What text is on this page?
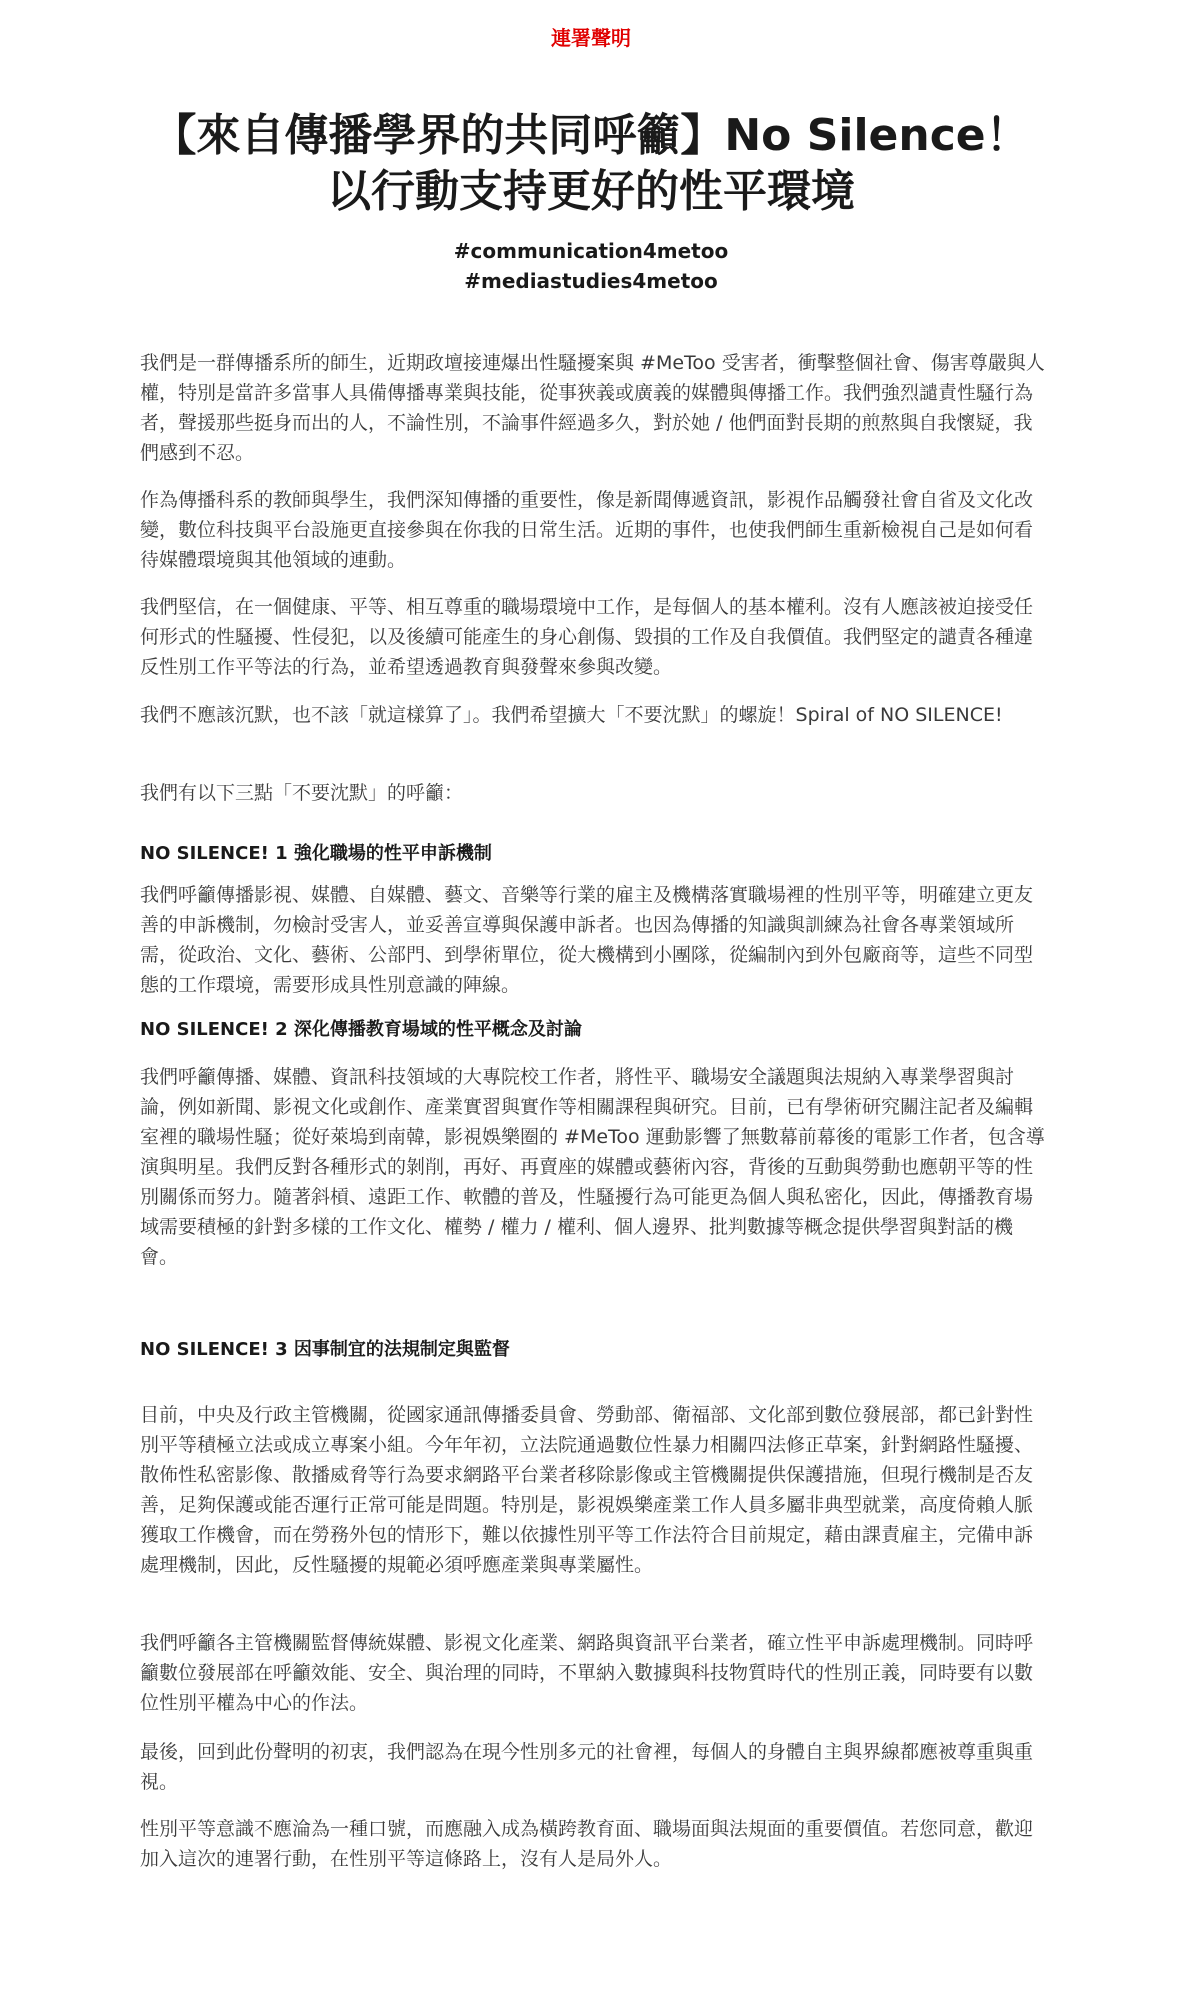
連署聲明
【來自傳播學界的共同呼籲】No Silence！
以行動支持更好的性平環境
#communication4metoo
#mediastudies4metoo

我們是一群傳播系所的師生，近期政壇接連爆出性騷擾案與 #MeToo 受害者，衝擊整個社會、傷害尊嚴與人權，特別是當許多當事人具備傳播專業與技能，從事狹義或廣義的媒體與傳播工作。我們強烈譴責性騷行為者，聲援那些挺身而出的人，不論性別，不論事件經過多久，對於她 / 他們面對長期的煎熬與自我懷疑，我們感到不忍。

作為傳播科系的教師與學生，我們深知傳播的重要性，像是新聞傳遞資訊，影視作品觸發社會自省及文化改變，數位科技與平台設施更直接參與在你我的日常生活。近期的事件，也使我們師生重新檢視自己是如何看待媒體環境與其他領域的連動。

我們堅信，在一個健康、平等、相互尊重的職場環境中工作，是每個人的基本權利。沒有人應該被迫接受任何形式的性騷擾、性侵犯，以及後續可能產生的身心創傷、毀損的工作及自我價值。我們堅定的譴責各種違反性別工作平等法的行為，並希望透過教育與發聲來參與改變。

我們不應該沉默，也不該「就這樣算了」。我們希望擴大「不要沈默」的螺旋！Spiral of NO SILENCE!

我們有以下三點「不要沈默」的呼籲：

NO SILENCE! 1 強化職場的性平申訴機制

我們呼籲傳播影視、媒體、自媒體、藝文、音樂等行業的雇主及機構落實職場裡的性別平等，明確建立更友善的申訴機制，勿檢討受害人，並妥善宣導與保護申訴者。也因為傳播的知識與訓練為社會各專業領域所需，從政治、文化、藝術、公部門、到學術單位，從大機構到小團隊，從編制內到外包廠商等，這些不同型態的工作環境，需要形成具性別意識的陣線。

NO SILENCE! 2 深化傳播教育場域的性平概念及討論

我們呼籲傳播、媒體、資訊科技領域的大專院校工作者，將性平、職場安全議題與法規納入專業學習與討論，例如新聞、影視文化或創作、產業實習與實作等相關課程與研究。目前，已有學術研究關注記者及編輯室裡的職場性騷；從好萊塢到南韓，影視娛樂圈的 #MeToo 運動影響了無數幕前幕後的電影工作者，包含導演與明星。我們反對各種形式的剝削，再好、再賣座的媒體或藝術內容，背後的互動與勞動也應朝平等的性別關係而努力。隨著斜槓、遠距工作、軟體的普及，性騷擾行為可能更為個人與私密化，因此，傳播教育場域需要積極的針對多樣的工作文化、權勢 / 權力 / 權利、個人邊界、批判數據等概念提供學習與對話的機會。

NO SILENCE! 3 因事制宜的法規制定與監督

目前，中央及行政主管機關，從國家通訊傳播委員會、勞動部、衛福部、文化部到數位發展部，都已針對性別平等積極立法或成立專案小組。今年年初，立法院通過數位性暴力相關四法修正草案，針對網路性騷擾、散佈性私密影像、散播威脅等行為要求網路平台業者移除影像或主管機關提供保護措施，但現行機制是否友善，足夠保護或能否運行正常可能是問題。特別是，影視娛樂產業工作人員多屬非典型就業，高度倚賴人脈獲取工作機會，而在勞務外包的情形下，難以依據性別平等工作法符合目前規定，藉由課責雇主，完備申訴處理機制，因此，反性騷擾的規範必須呼應產業與專業屬性。

我們呼籲各主管機關監督傳統媒體、影視文化產業、網路與資訊平台業者，確立性平申訴處理機制。同時呼籲數位發展部在呼籲效能、安全、與治理的同時，不單納入數據與科技物質時代的性別正義，同時要有以數位性別平權為中心的作法。

最後，回到此份聲明的初衷，我們認為在現今性別多元的社會裡，每個人的身體自主與界線都應被尊重與重視。

性別平等意識不應淪為一種口號，而應融入成為橫跨教育面、職場面與法規面的重要價值。若您同意，歡迎加入這次的連署行動，在性別平等這條路上，沒有人是局外人。
